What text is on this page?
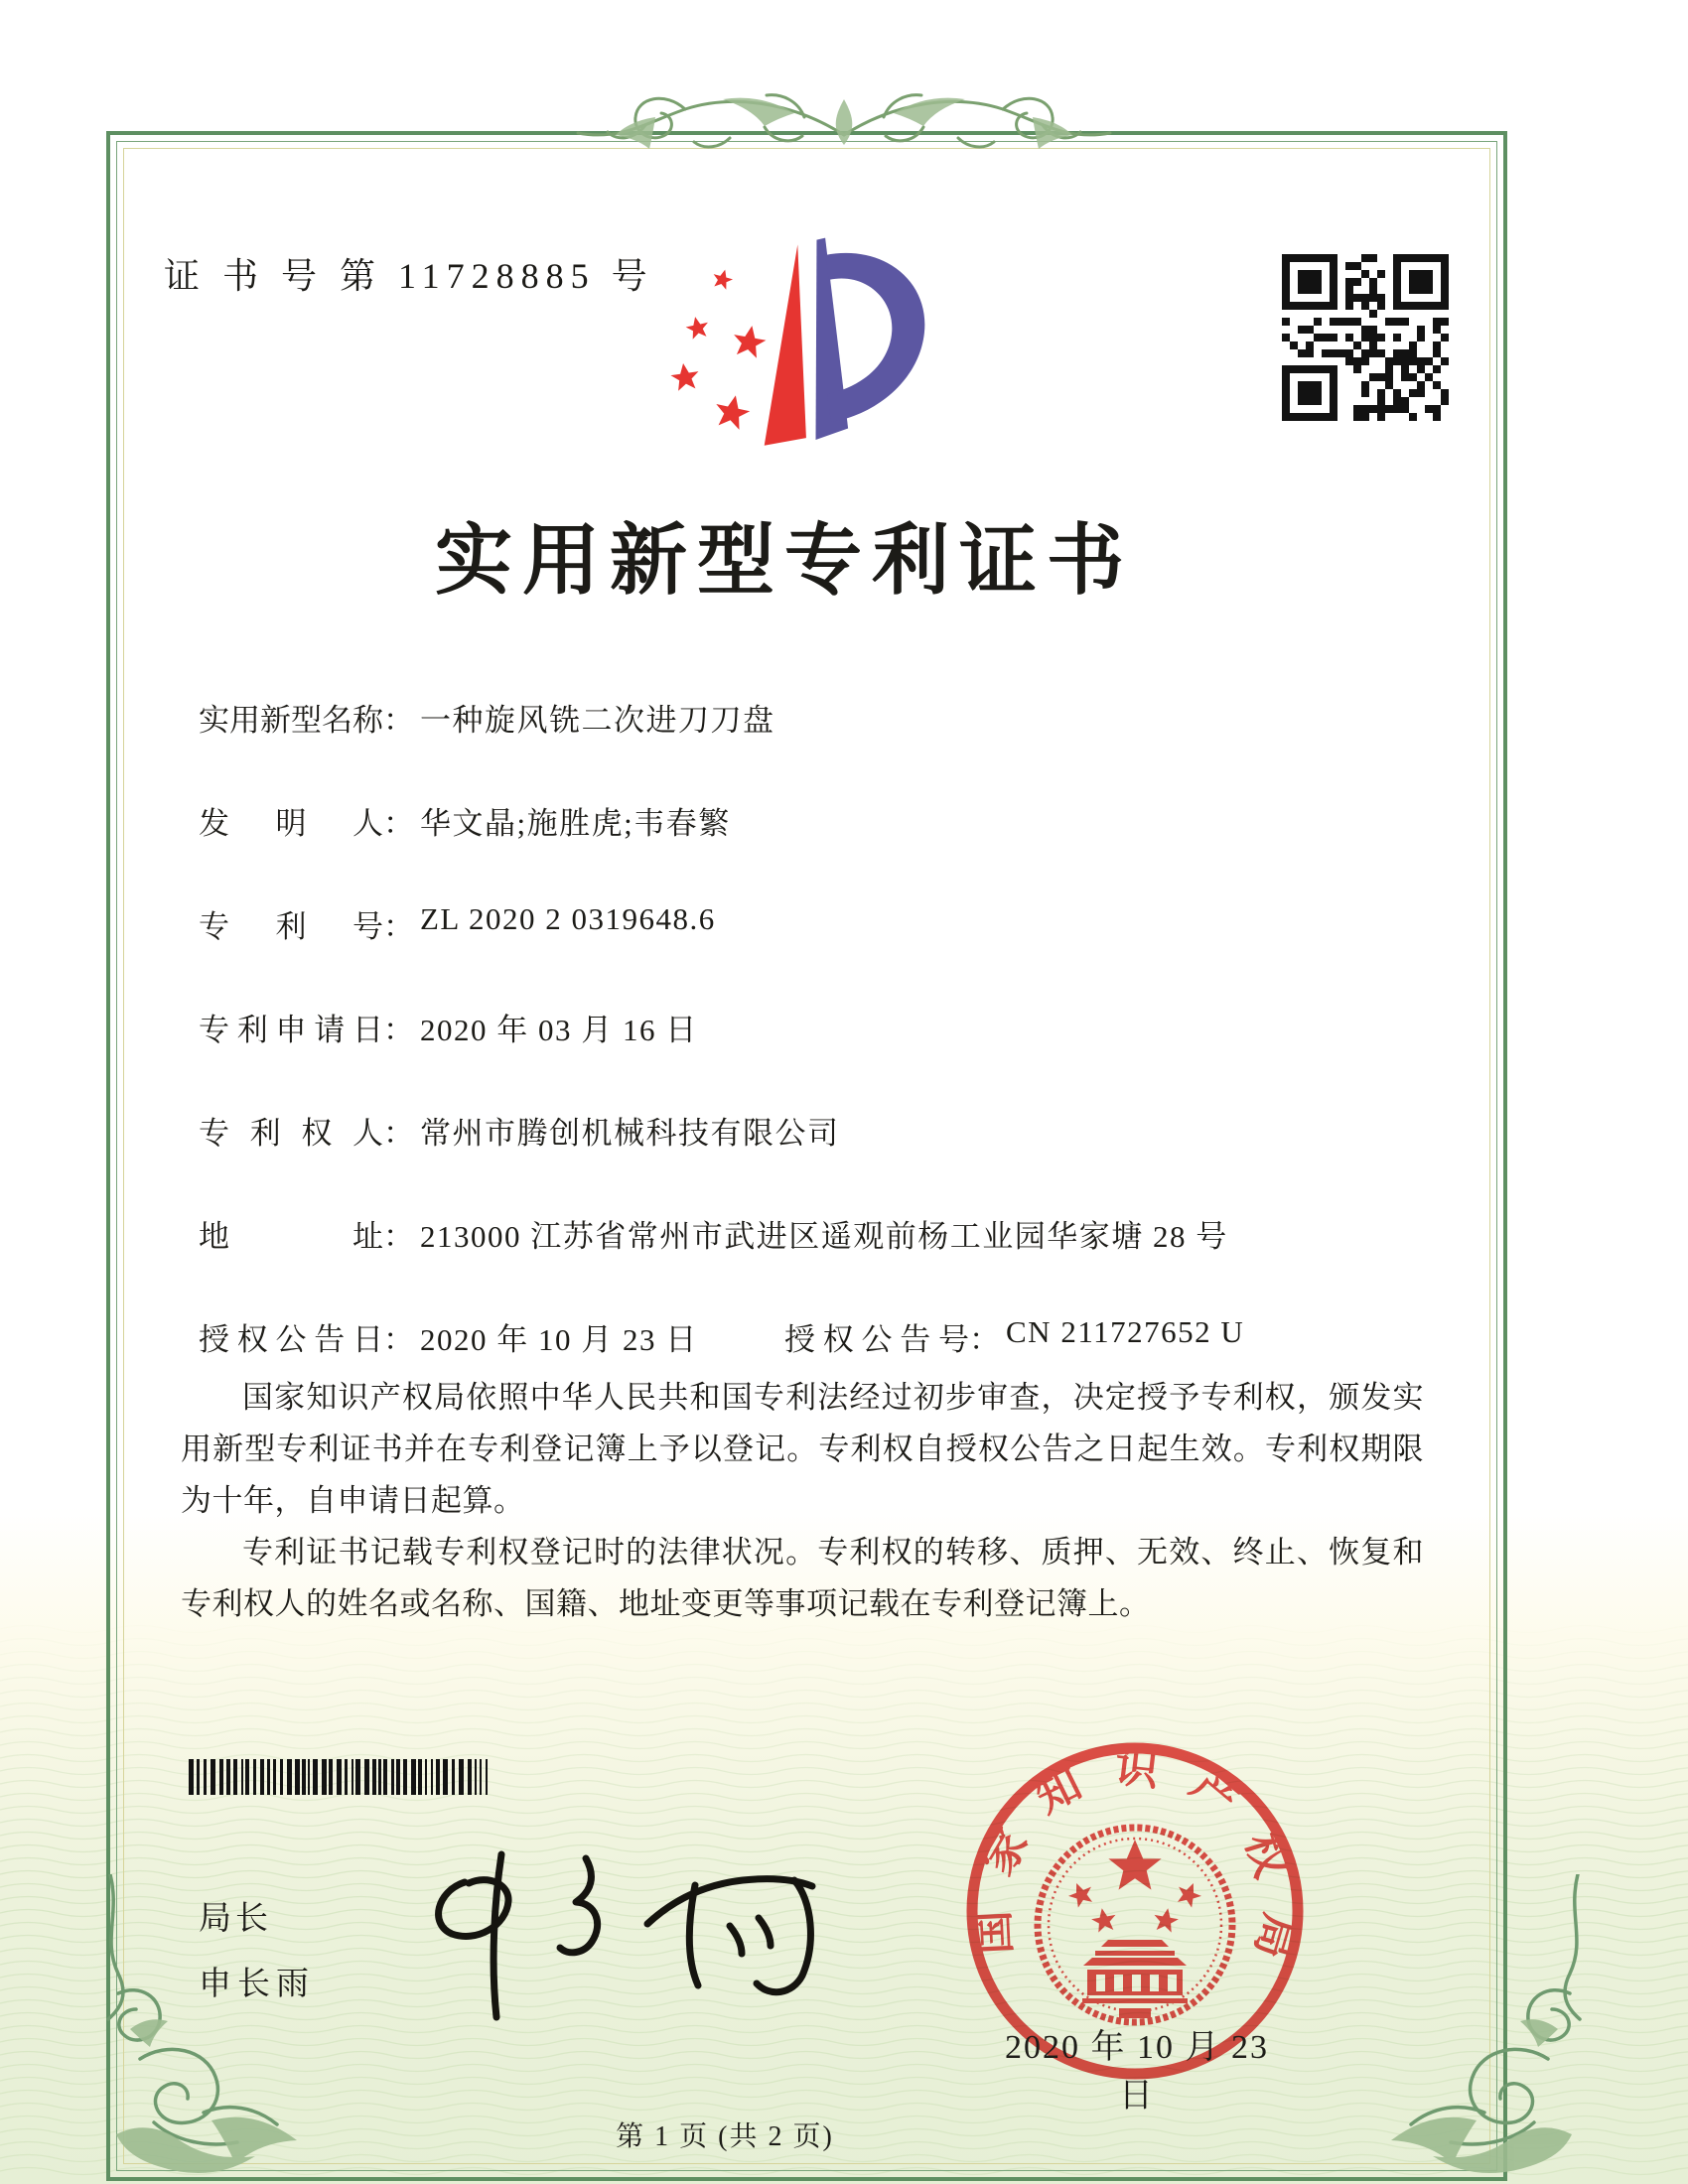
证 书 号 第 11728885 号
实用新型专利证书
实用新型名称： 一种旋风铣二次进刀刀盘
发明人： 华文晶;施胜虎;韦春繁
专利号： ZL 2020 2 0319648.6
专利申请日： 2020 年 03 月 16 日
专利权人： 常州市腾创机械科技有限公司
地址： 213000 江苏省常州市武进区遥观前杨工业园华家塘 28 号
授权公告日： 2020 年 10 月 23 日	授权公告号： CN 211727652 U

国家知识产权局依照中华人民共和国专利法经过初步审查，决定授予专利权，颁发实用新型专利证书并在专利登记簿上予以登记。专利权自授权公告之日起生效。专利权期限为十年，自申请日起算。

专利证书记载专利权登记时的法律状况。专利权的转移、质押、无效、终止、恢复和专利权人的姓名或名称、国籍、地址变更等事项记载在专利登记簿上。

局长
申长雨
国家知识产权局
2020 年 10 月 23 日
第 1 页 (共 2 页)
